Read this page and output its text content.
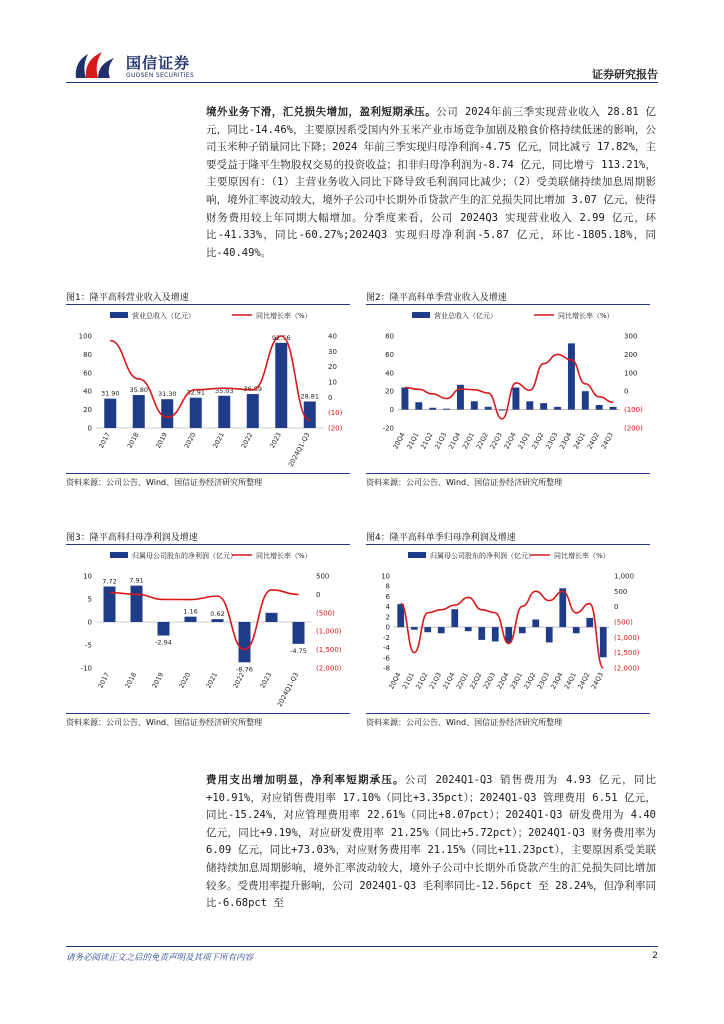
国信证券
GUOSEN SECURITIES	证券研究报告
境外业务下滑，汇兑损失增加，盈利短期承压。公司 2024年前三季实现营业收入 28.81 亿元，同比-14.46%，主要原因系受国内外玉米产业市场竞争加剧及粮食价格持续低迷的影响，公司玉米种子销量同比下降；2024 年前三季实现归母净利润-4.75 亿元，同比减亏 17.82%，主要受益于隆平生物股权交易的投资收益；扣非归母净利润为-8.74 亿元，同比增亏 113.21%，主要原因有：（1）主营业务收入同比下降导致毛利润同比减少；（2）受美联储持续加息周期影响，境外汇率波动较大，境外子公司中长期外币贷款产生的汇兑损失同比增加 3.07 亿元，使得财务费用较上年同期大幅增加。分季度来看，公司 2024Q3 实现营业收入 2.99 亿元，环比-41.33%，同比-60.27%;2024Q3 实现归母净利润-5.87 亿元，环比-1805.18%，同比-40.49%。
图1：隆平高科营业收入及增速
营业总收入（亿元）	同比增长率（%）
0
20
40
60
80
100
(20)
(10)
0
10
20
30
40
31.90 35.80
31.30 32.91 35.03 36.89
92.56
28.81
2017 2018 2019 2020 2021 2022 2023 2024Q1-Q3
资料来源：公司公告、Wind、国信证券经济研究所整理
图2：隆平高科单季营业收入及增速
营业总收入（亿元）	同比增长率（%）
-20
0
20
40
60
80
(200)
(100)
0
100
200
300
20Q4
21Q1
21Q2
21Q3
21Q4
22Q1
22Q2
22Q3
22Q4
23Q1
23Q2
23Q3
23Q4
24Q1
24Q2
24Q3
资料来源：公司公告、Wind、国信证券经济研究所整理
图3：隆平高科归母净利润及增速
归属母公司股东的净利润（亿元）	同比增长率（%）
-10
-5
0
5
10
(2,000)
(1,500)
(1,000)
(500)
0
500
7.72 7.91
-2.94
1.16 0.62
-8.76
-4.75
2017 2018 2019 2020 2021 2022 2023 2024Q1-Q3
资料来源：公司公告、Wind、国信证券经济研究所整理
图4：隆平高科单季归母净利润及增速
归属母公司股东的净利润（亿元）	同比增长率（%）
-8
-6
-4
-2
0
2
4
6
8
10
(2,000)
(1,500)
(1,000)
(500)
0
500
1,000
20Q4
21Q1
21Q2
21Q3
21Q4
22Q1
22Q2
22Q3
22Q4
23Q1
23Q2
23Q3
23Q4
24Q1
24Q2
24Q3
资料来源：公司公告、Wind、国信证券经济研究所整理
费用支出增加明显，净利率短期承压。公司 2024Q1-Q3 销售费用为 4.93 亿元，同比+10.91%，对应销售费用率 17.10%（同比+3.35pct）；2024Q1-Q3 管理费用 6.51 亿元，同比-15.24%，对应管理费用率 22.61%（同比+8.07pct）；2024Q1-Q3 研发费用为 4.40 亿元，同比+9.19%，对应研发费用率 21.25%（同比+5.72pct）；2024Q1-Q3 财务费用率为 6.09 亿元，同比+73.03%，对应财务费用率 21.15%（同比+11.23pct），主要原因系受美联储持续加息周期影响，境外汇率波动较大，境外子公司中长期外币贷款产生的汇兑损失同比增加较多。受费用率提升影响，公司 2024Q1-Q3 毛利率同比-12.56pct 至 28.24%，但净利率同比-6.68pct 至
请务必阅读正文之后的免责声明及其项下所有内容	2
